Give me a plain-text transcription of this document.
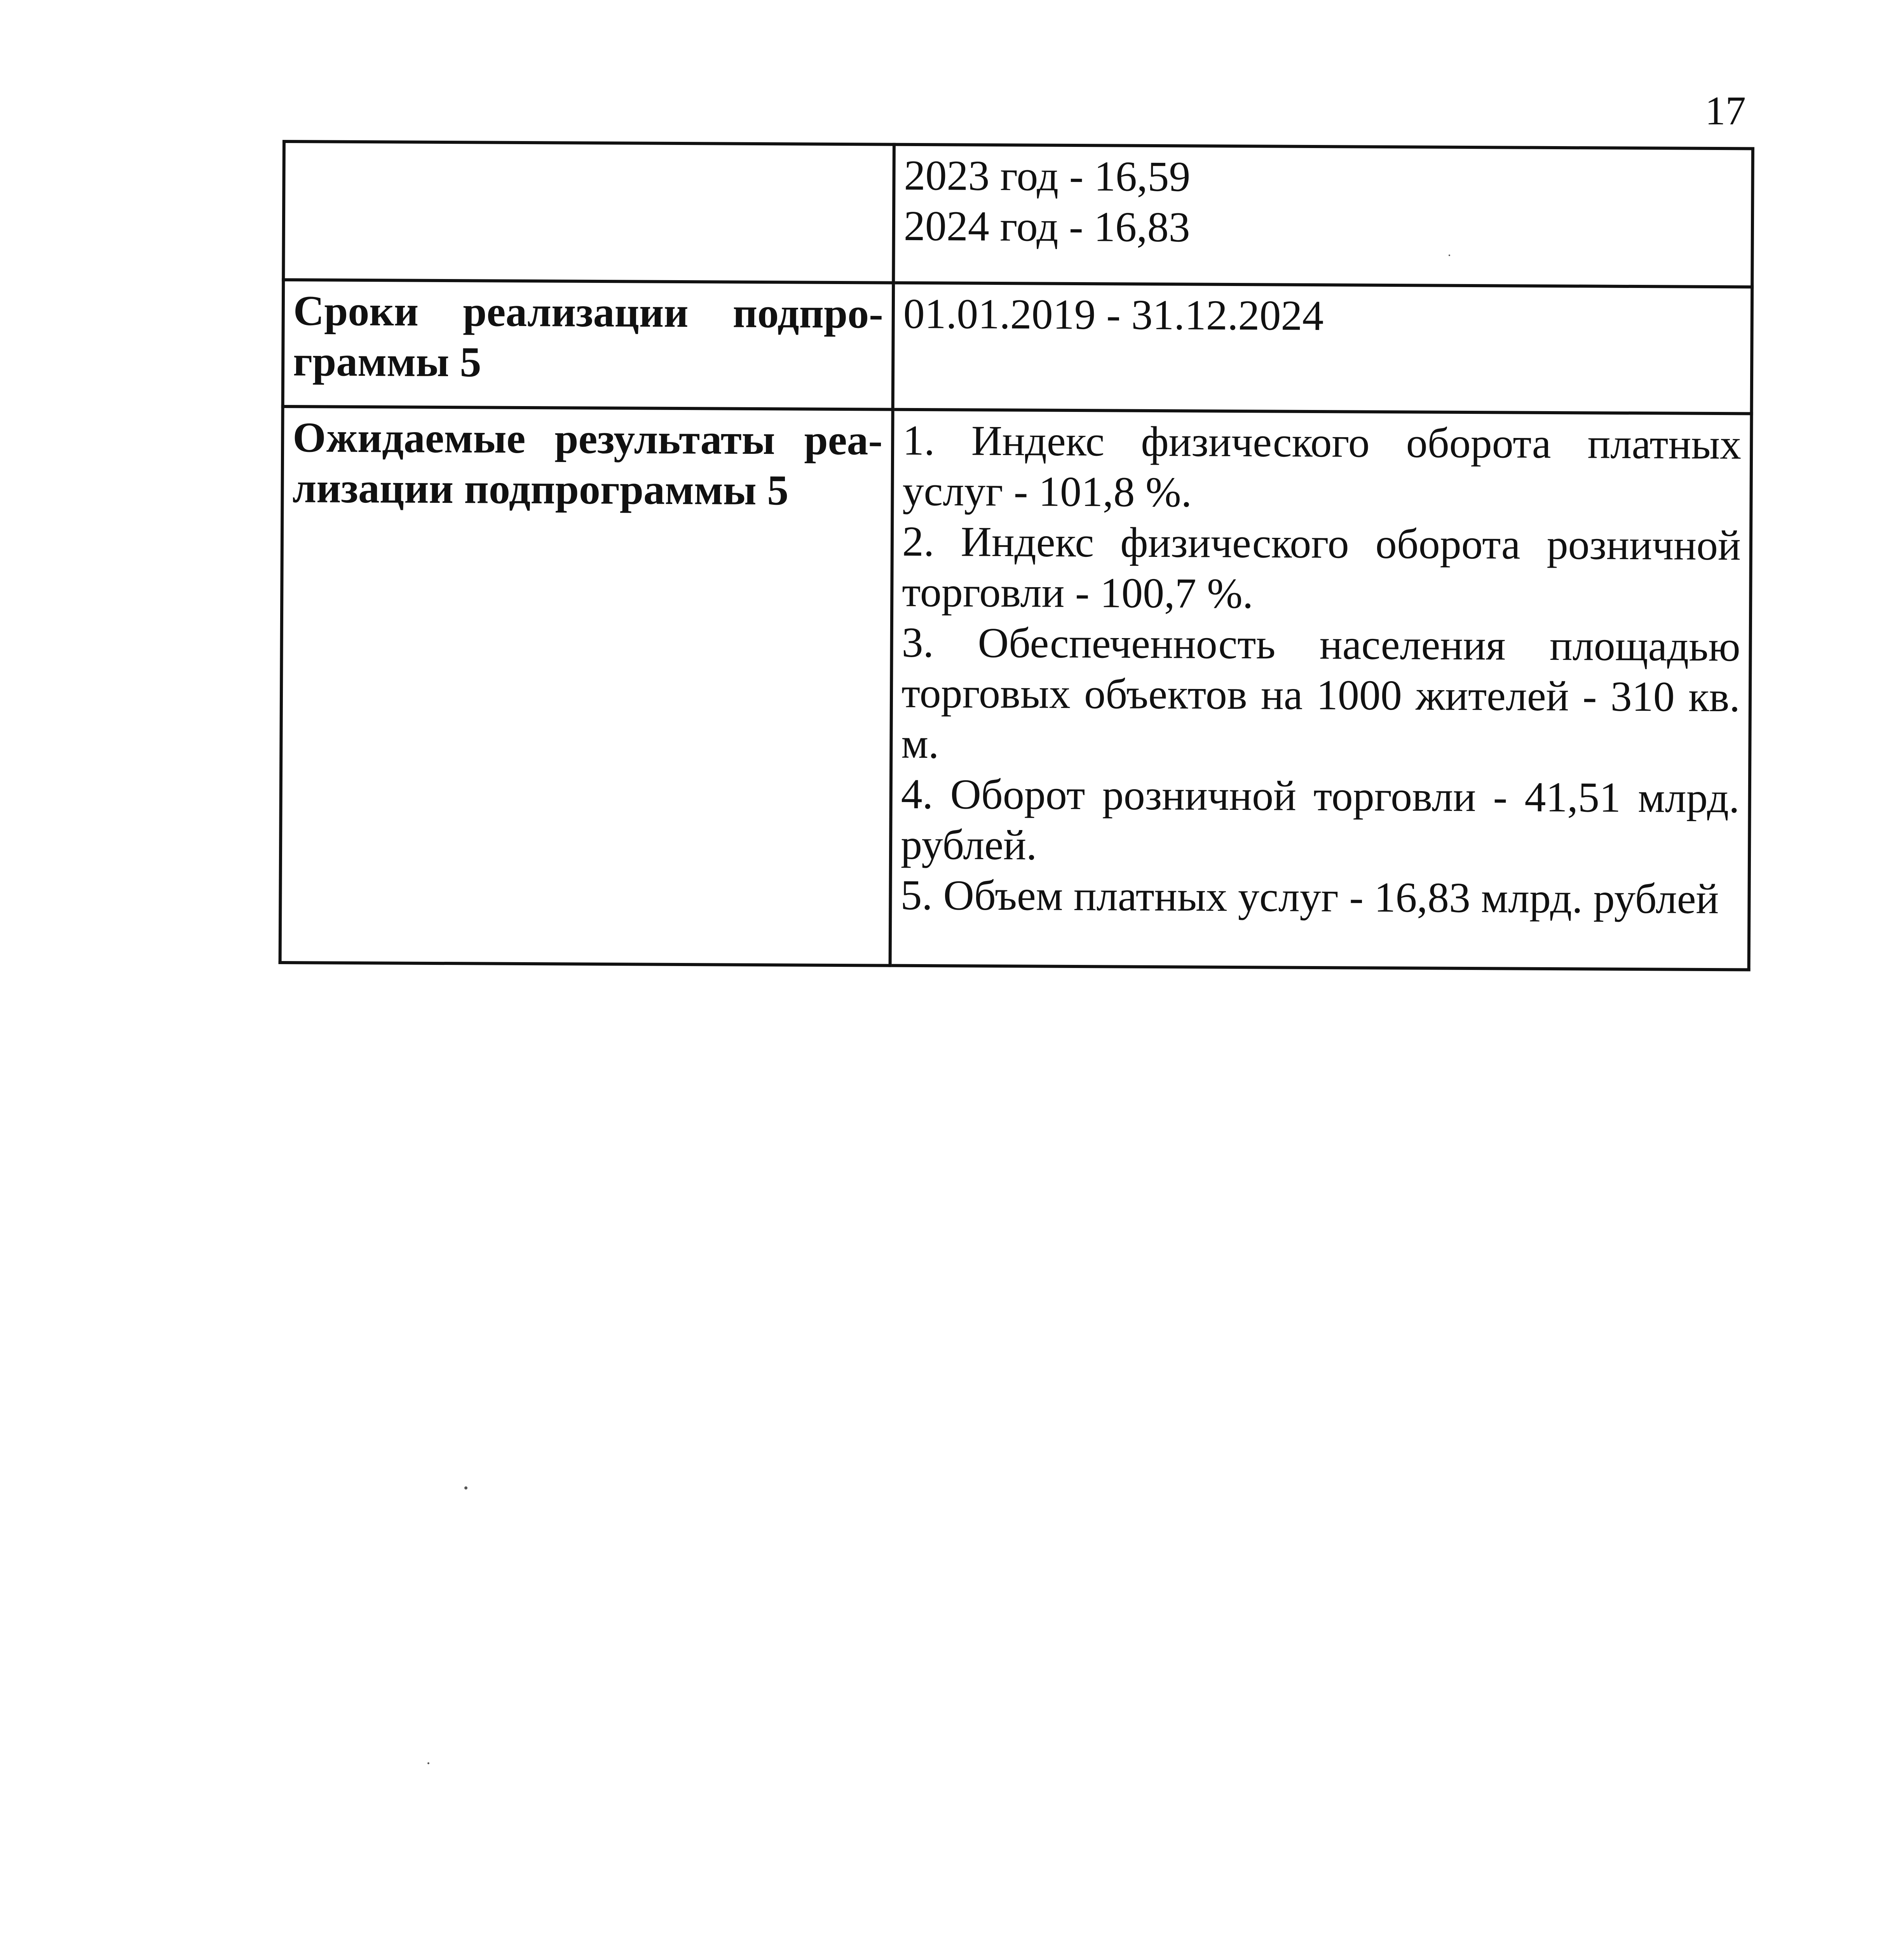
17

	2023 год - 16,59
2024 год - 16,83

Сроки реализации подпрограммы 5	01.01.2019 - 31.12.2024
Ожидаемые результаты реализации подпрограммы 5	1. Индекс физического оборота платных услуг - 101,8 %.
2. Индекс физического оборота розничной торговли - 100,7 %.
3. Обеспеченность населения площадью торговых объектов на 1000 жителей - 310 кв. м.
4. Оборот розничной торговли - 41,51 млрд. рублей.
5. Объем платных услуг - 16,83 млрд. рублей
